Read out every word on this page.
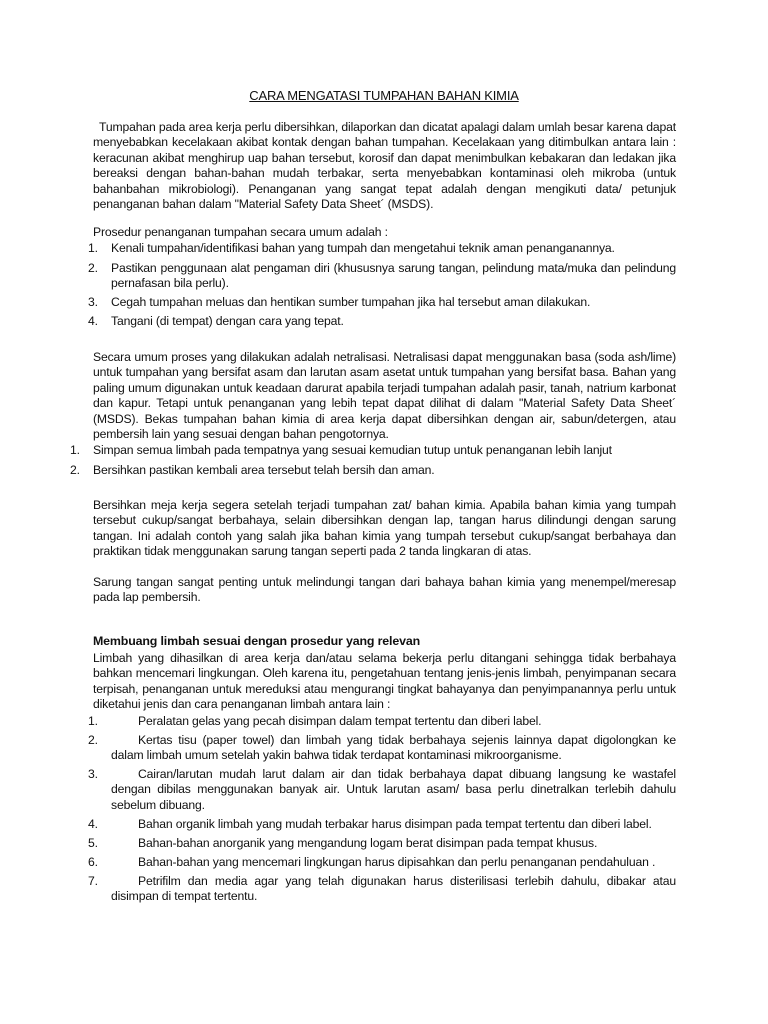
CARA MENGATASI TUMPAHAN BAHAN KIMIA
Tumpahan pada area kerja perlu dibersihkan, dilaporkan dan dicatat apalagi dalam umlah besar karena dapat menyebabkan kecelakaan akibat kontak dengan bahan tumpahan. Kecelakaan yang ditimbulkan antara lain : keracunan akibat menghirup uap bahan tersebut, korosif dan dapat menimbulkan kebakaran dan ledakan jika bereaksi dengan bahan-bahan mudah terbakar, serta menyebabkan kontaminasi oleh mikroba (untuk bahanbahan mikrobiologi). Penanganan yang sangat tepat adalah dengan mengikuti data/ petunjuk penanganan bahan dalam "Material Safety Data Sheet´ (MSDS).
Prosedur penanganan tumpahan secara umum adalah :
1. Kenali tumpahan/identifikasi bahan yang tumpah dan mengetahui teknik aman penanganannya.
2. Pastikan penggunaan alat pengaman diri (khususnya sarung tangan, pelindung mata/muka dan pelindung pernafasan bila perlu).
3. Cegah tumpahan meluas dan hentikan sumber tumpahan jika hal tersebut aman dilakukan.
4. Tangani (di tempat) dengan cara yang tepat.
Secara umum proses yang dilakukan adalah netralisasi. Netralisasi dapat menggunakan basa (soda ash/lime) untuk tumpahan yang bersifat asam dan larutan asam asetat untuk tumpahan yang bersifat basa. Bahan yang paling umum digunakan untuk keadaan darurat apabila terjadi tumpahan adalah pasir, tanah, natrium karbonat dan kapur. Tetapi untuk penanganan yang lebih tepat dapat dilihat di dalam "Material Safety Data Sheet´ (MSDS). Bekas tumpahan bahan kimia di area kerja dapat dibersihkan dengan air, sabun/detergen, atau pembersih lain yang sesuai dengan bahan pengotornya.
1. Simpan semua limbah pada tempatnya yang sesuai kemudian tutup untuk penanganan lebih lanjut
2. Bersihkan pastikan kembali area tersebut telah bersih dan aman.
Bersihkan meja kerja segera setelah terjadi tumpahan zat/ bahan kimia. Apabila bahan kimia yang tumpah tersebut cukup/sangat berbahaya, selain dibersihkan dengan lap, tangan harus dilindungi dengan sarung tangan. Ini adalah contoh yang salah jika bahan kimia yang tumpah tersebut cukup/sangat berbahaya dan praktikan tidak menggunakan sarung tangan seperti pada 2 tanda lingkaran di atas.
Sarung tangan sangat penting untuk melindungi tangan dari bahaya bahan kimia yang menempel/meresap pada lap pembersih.
Membuang limbah sesuai dengan prosedur yang relevan
Limbah yang dihasilkan di area kerja dan/atau selama bekerja perlu ditangani sehingga tidak berbahaya bahkan mencemari lingkungan. Oleh karena itu, pengetahuan tentang jenis-jenis limbah, penyimpanan secara terpisah, penanganan untuk mereduksi atau mengurangi tingkat bahayanya dan penyimpanannya perlu untuk diketahui jenis dan cara penanganan limbah antara lain :
1.	Peralatan gelas yang pecah disimpan dalam tempat tertentu dan diberi label.
2.	Kertas tisu (paper towel) dan limbah yang tidak berbahaya sejenis lainnya dapat digolongkan ke dalam limbah umum setelah yakin bahwa tidak terdapat kontaminasi mikroorganisme.
3.	Cairan/larutan mudah larut dalam air dan tidak berbahaya dapat dibuang langsung ke wastafel dengan dibilas menggunakan banyak air. Untuk larutan asam/ basa perlu dinetralkan terlebih dahulu sebelum dibuang.
4.	Bahan organik limbah yang mudah terbakar harus disimpan pada tempat tertentu dan diberi label.
5.	Bahan-bahan anorganik yang mengandung logam berat disimpan pada tempat khusus.
6.	Bahan-bahan yang mencemari lingkungan harus dipisahkan dan perlu penanganan pendahuluan .
7.	Petrifilm dan media agar yang telah digunakan harus disterilisasi terlebih dahulu, dibakar atau disimpan di tempat tertentu.
